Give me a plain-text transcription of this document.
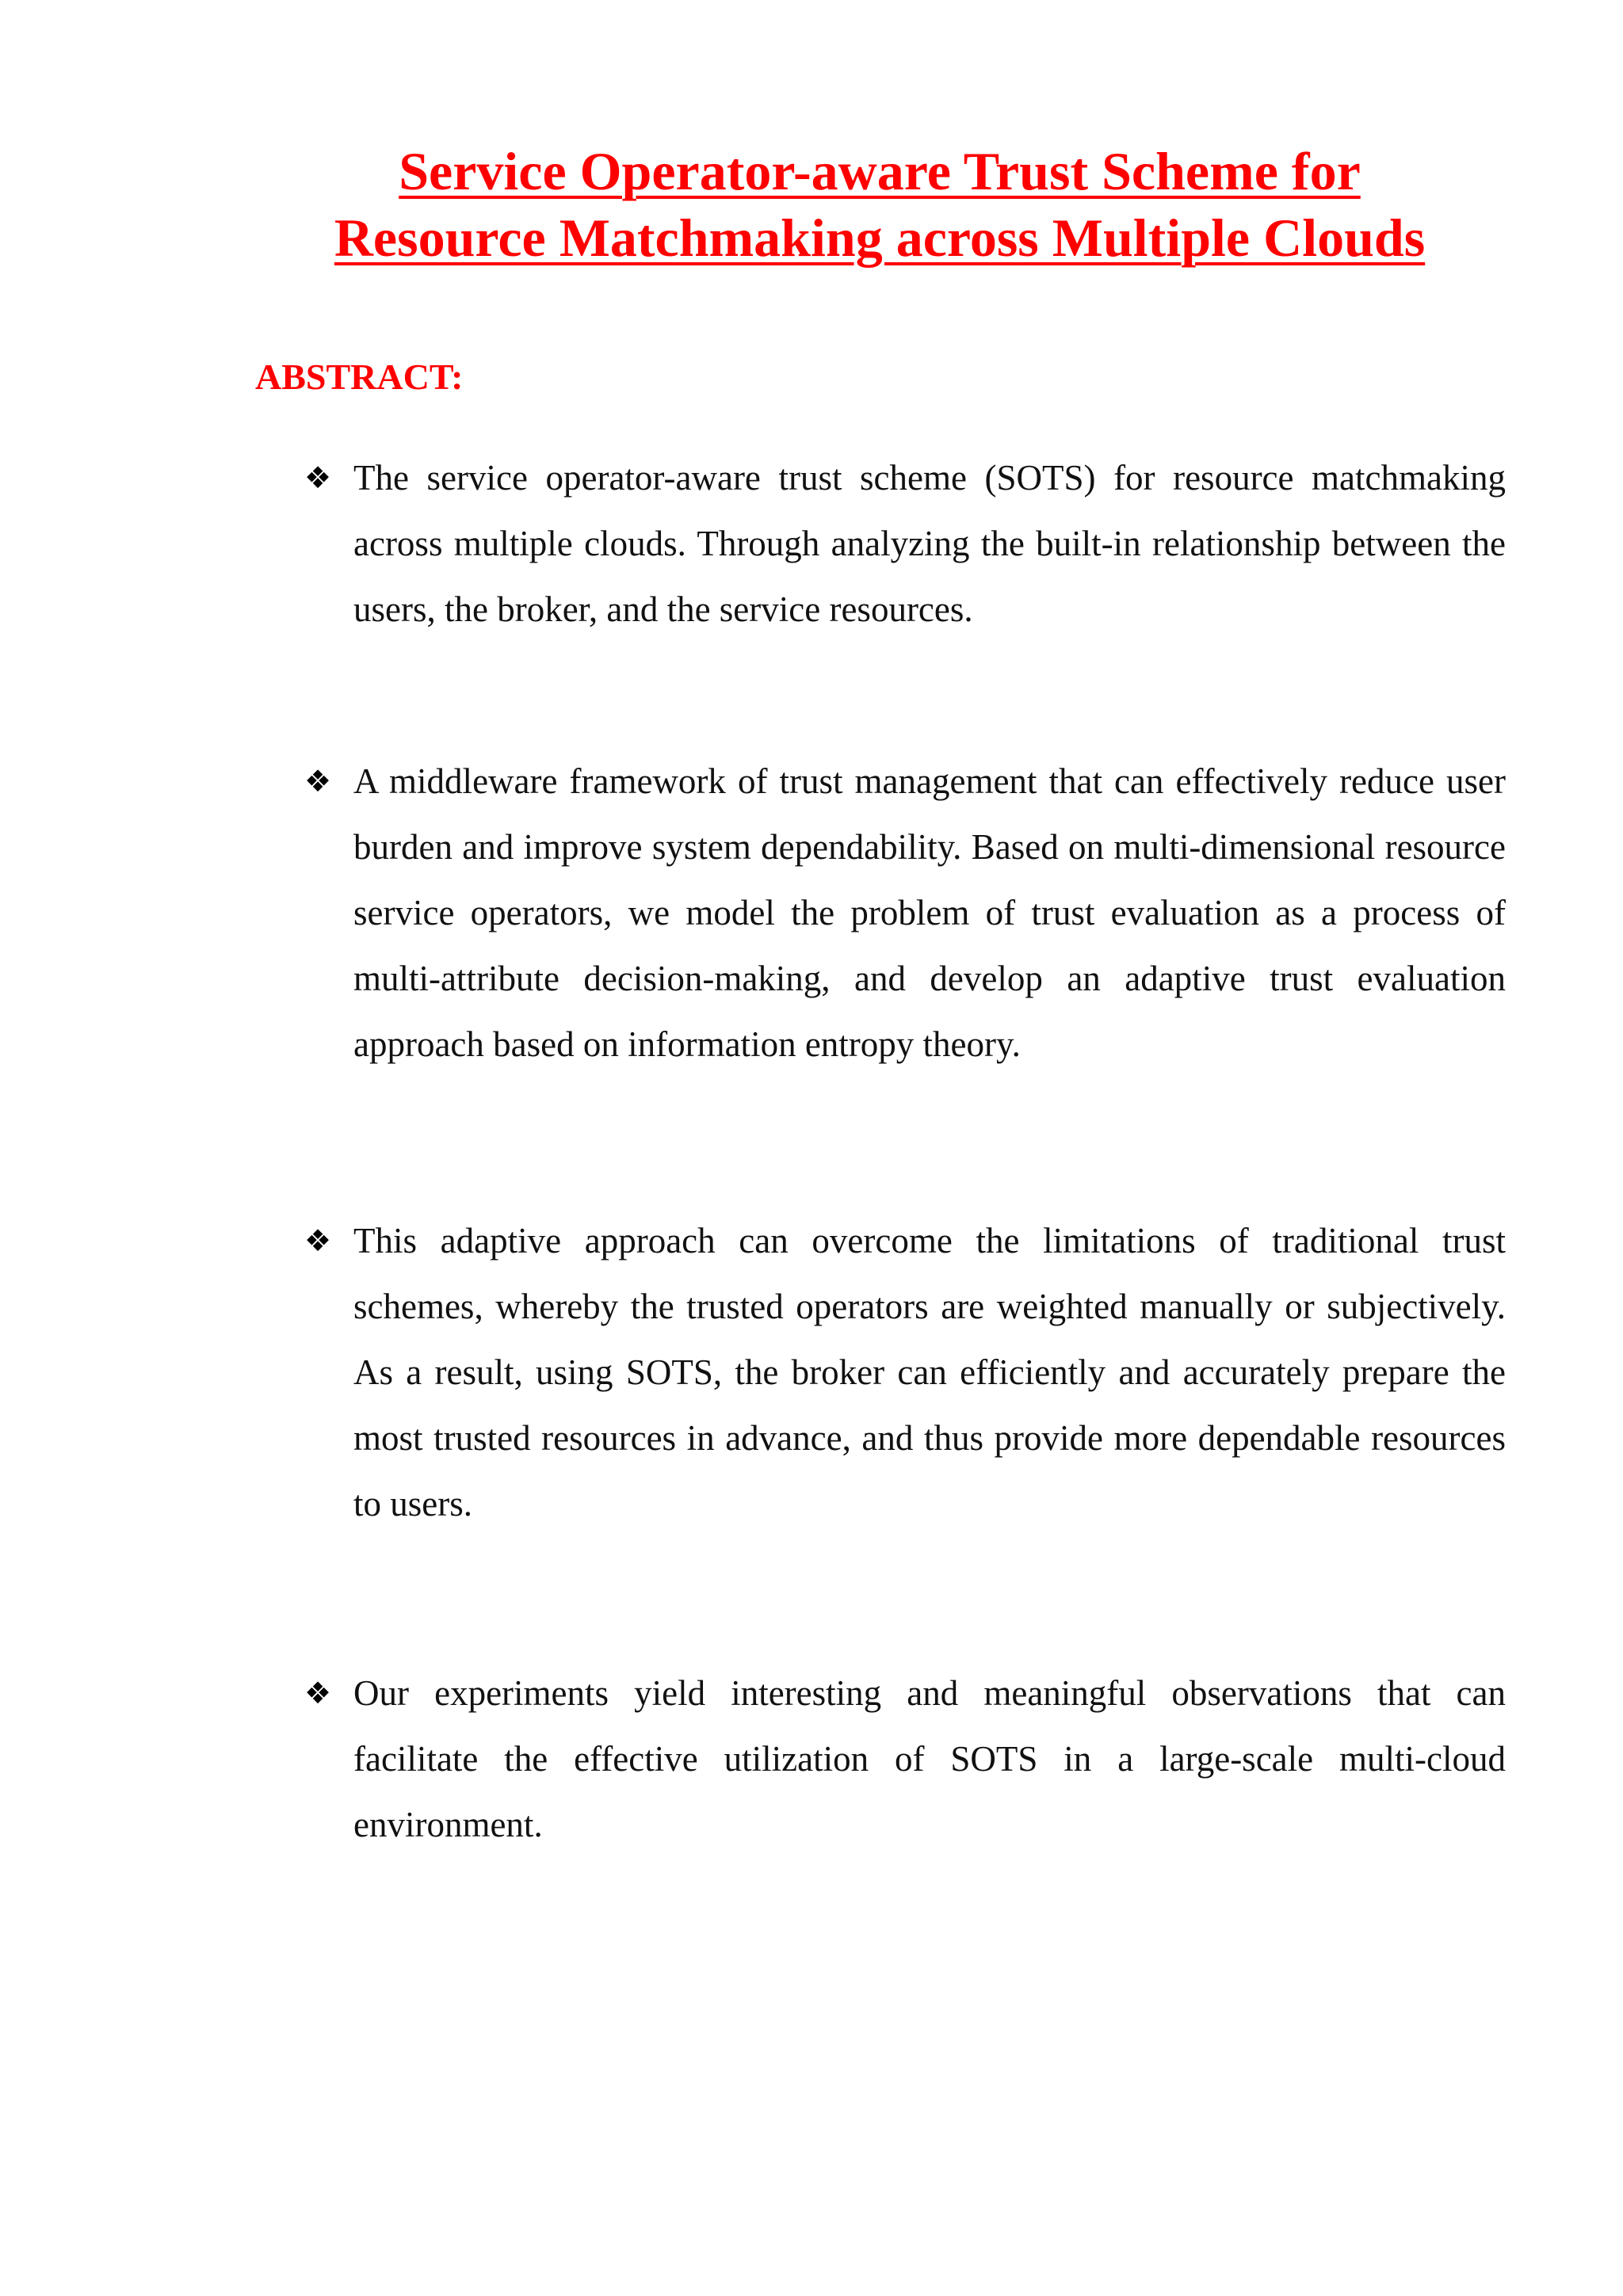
Service Operator-aware Trust Scheme for
Resource Matchmaking across Multiple Clouds
ABSTRACT:
❖ The service operator-aware trust scheme (SOTS) for resource matchmaking across multiple clouds. Through analyzing the built-in relationship between the users, the broker, and the service resources.

❖ A middleware framework of trust management that can effectively reduce user burden and improve system dependability. Based on multi-dimensional resource service operators, we model the problem of trust evaluation as a process of multi-attribute decision-making, and develop an adaptive trust evaluation approach based on information entropy theory.

❖ This adaptive approach can overcome the limitations of traditional trust schemes, whereby the trusted operators are weighted manually or subjectively. As a result, using SOTS, the broker can efficiently and accurately prepare the most trusted resources in advance, and thus provide more dependable resources to users.

❖ Our experiments yield interesting and meaningful observations that can facilitate the effective utilization of SOTS in a large-scale multi-cloud environment.
